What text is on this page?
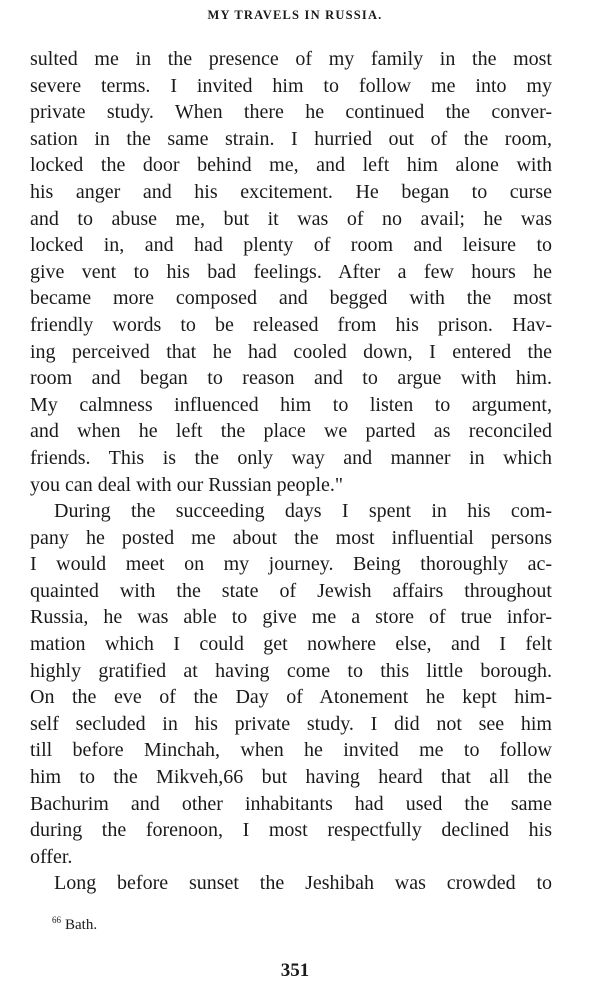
MY TRAVELS IN RUSSIA.
sulted me in the presence of my family in the most
severe terms. I invited him to follow me into my
private study. When there he continued the conver-
sation in the same strain. I hurried out of the room,
locked the door behind me, and left him alone with
his anger and his excitement. He began to curse
and to abuse me, but it was of no avail; he was
locked in, and had plenty of room and leisure to
give vent to his bad feelings. After a few hours he
became more composed and begged with the most
friendly words to be released from his prison. Hav-
ing perceived that he had cooled down, I entered the
room and began to reason and to argue with him.
My calmness influenced him to listen to argument,
and when he left the place we parted as reconciled
friends. This is the only way and manner in which
you can deal with our Russian people."
During the succeeding days I spent in his com-
pany he posted me about the most influential persons
I would meet on my journey. Being thoroughly ac-
quainted with the state of Jewish affairs throughout
Russia, he was able to give me a store of true infor-
mation which I could get nowhere else, and I felt
highly gratified at having come to this little borough.
On the eve of the Day of Atonement he kept him-
self secluded in his private study. I did not see him
till before Minchah, when he invited me to follow
him to the Mikveh,66 but having heard that all the
Bachurim and other inhabitants had used the same
during the forenoon, I most respectfully declined his
offer.
Long before sunset the Jeshibah was crowded to
$^{66}$ Bath.
351
